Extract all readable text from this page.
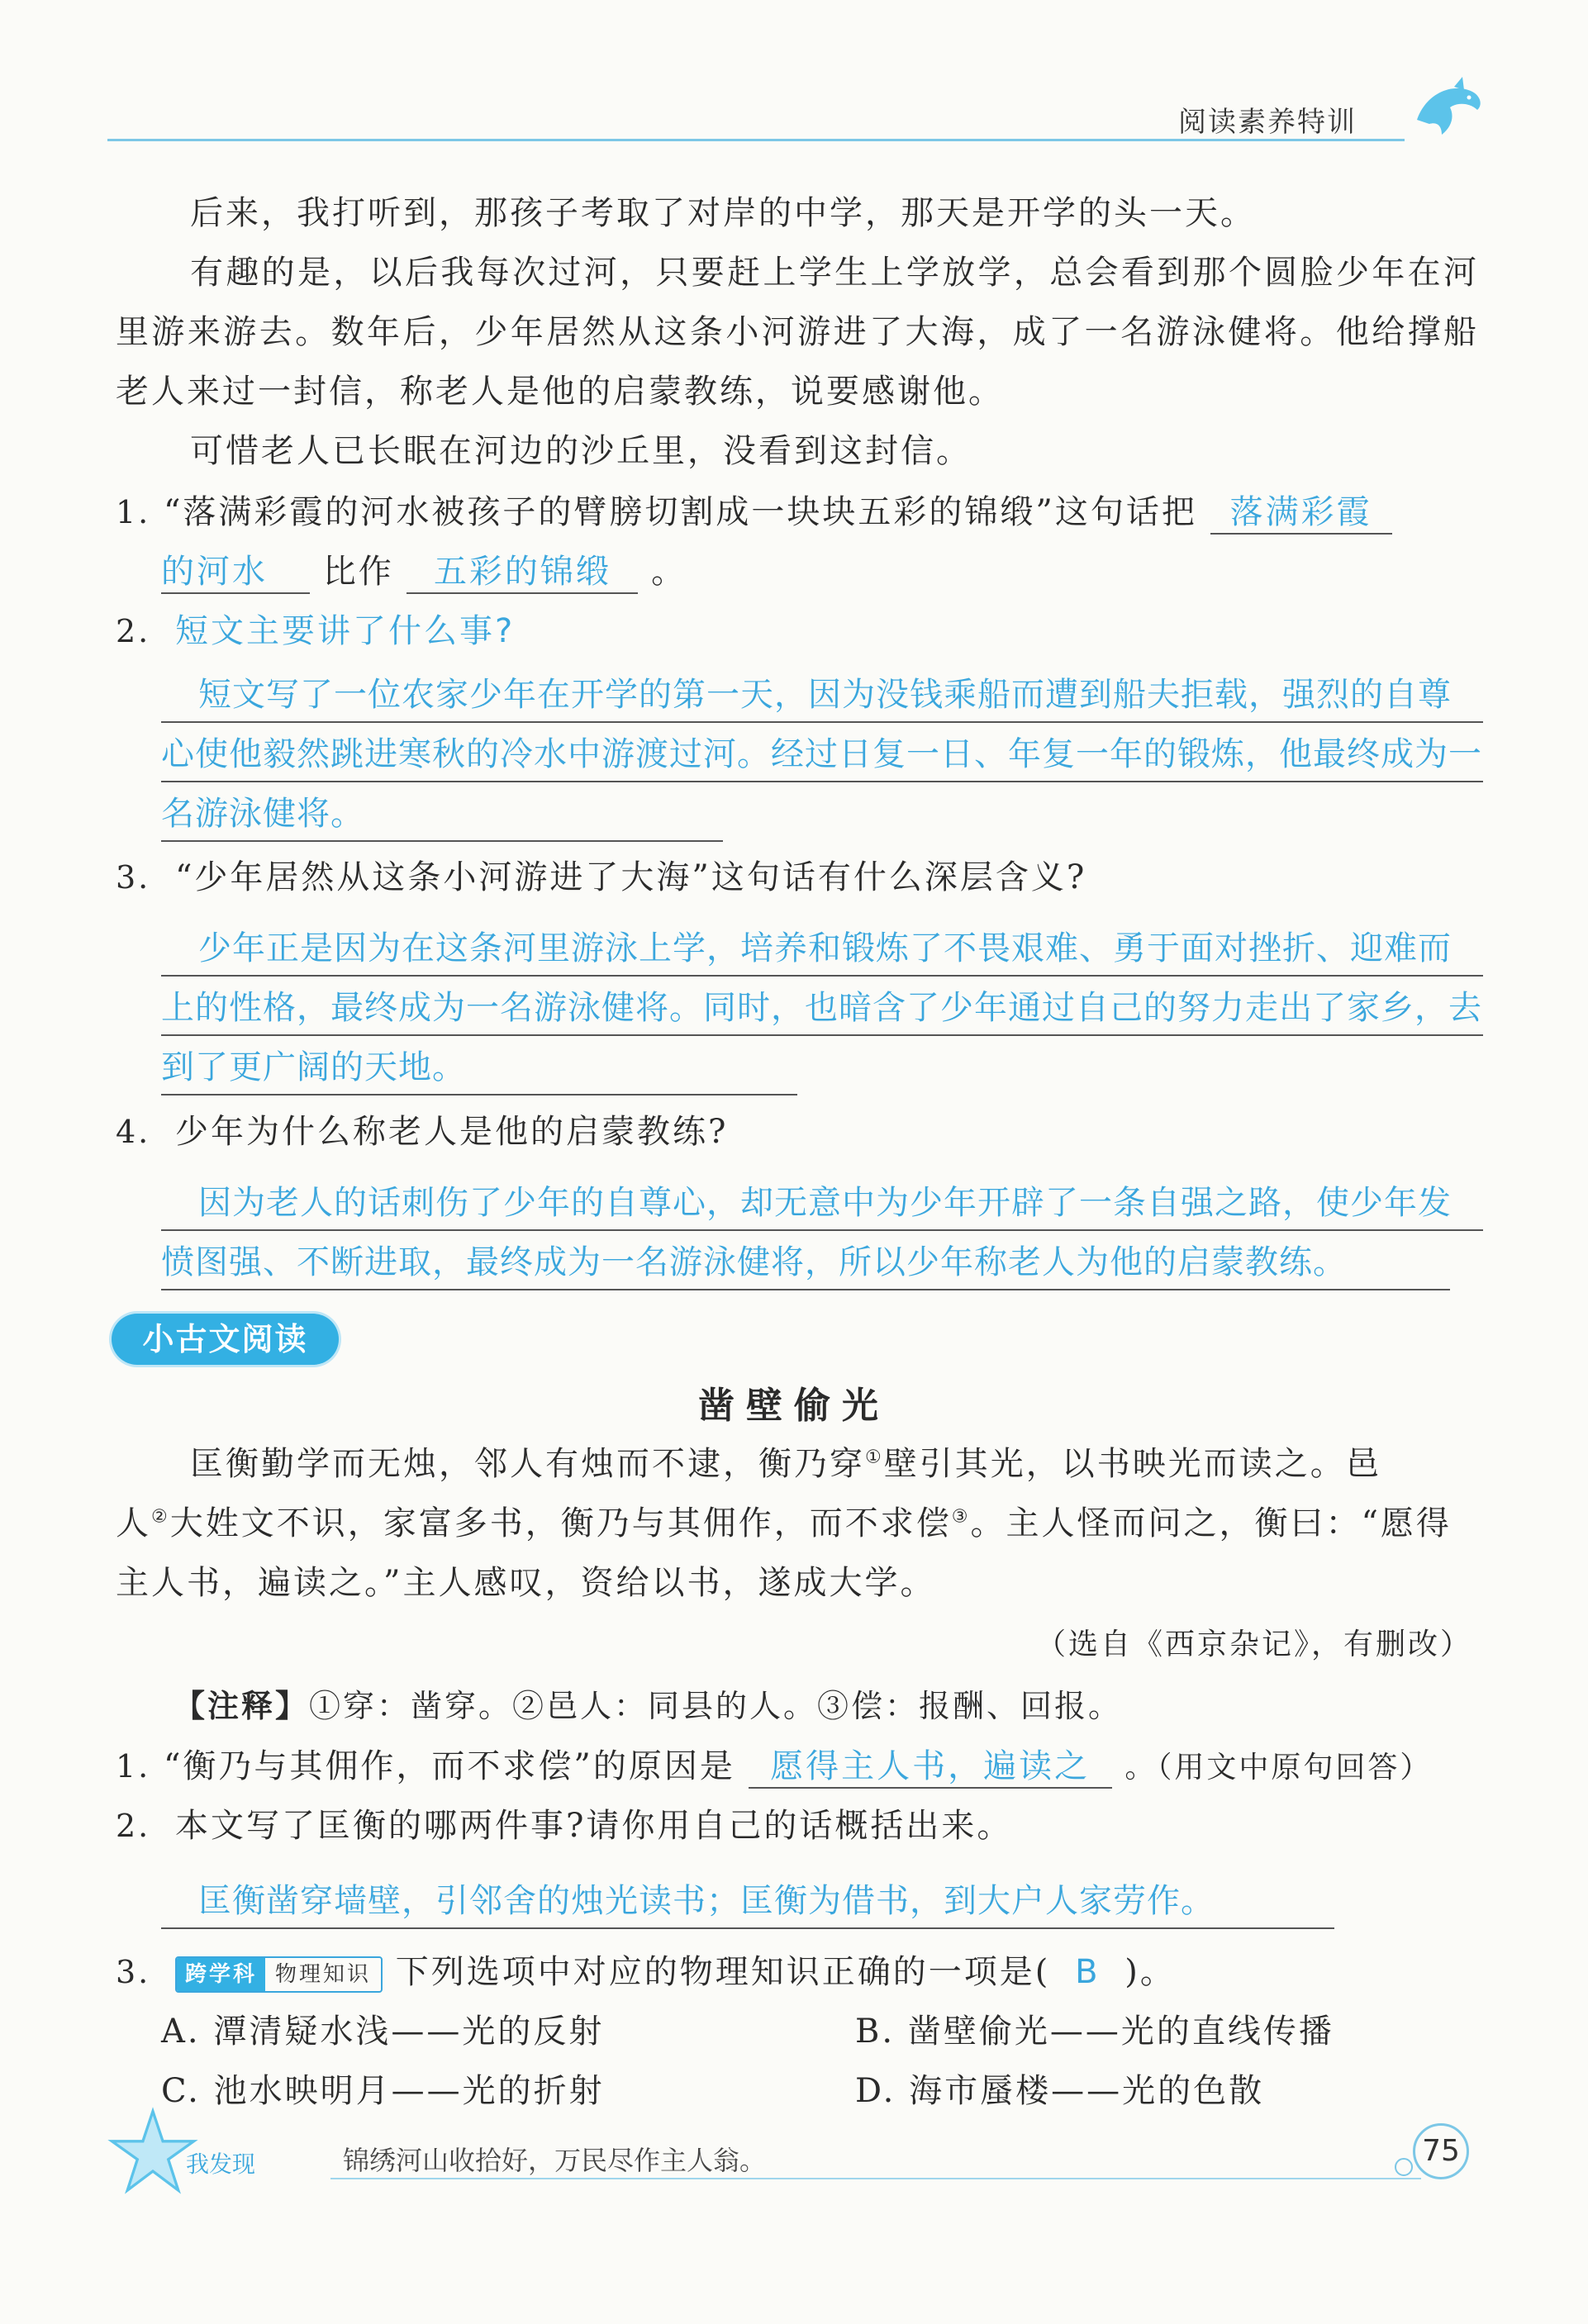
阅读素养特训
后来，我打听到，那孩子考取了对岸的中学，那天是开学的头一天。
有趣的是，以后我每次过河，只要赶上学生上学放学，总会看到那个圆脸少年在河里游来游去。数年后，少年居然从这条小河游进了大海，成了一名游泳健将。他给撑船老人来过一封信，称老人是他的启蒙教练，说要感谢他。
可惜老人已长眠在河边的沙丘里，没看到这封信。
1. “落满彩霞的河水被孩子的臂膀切割成一块块五彩的锦缎”这句话把 落满彩霞
的河水 比作 五彩的锦缎 。
2. 短文主要讲了什么事?
短文写了一位农家少年在开学的第一天，因为没钱乘船而遭到船夫拒载，强烈的自尊心使他毅然跳进寒秋的冷水中游渡过河。经过日复一日、年复一年的锻炼，他最终成为一名游泳健将。
3. “少年居然从这条小河游进了大海”这句话有什么深层含义?
少年正是因为在这条河里游泳上学，培养和锻炼了不畏艰难、勇于面对挫折、迎难而上的性格，最终成为一名游泳健将。同时，也暗含了少年通过自己的努力走出了家乡，去到了更广阔的天地。
4. 少年为什么称老人是他的启蒙教练?
因为老人的话刺伤了少年的自尊心，却无意中为少年开辟了一条自强之路，使少年发愤图强、不断进取，最终成为一名游泳健将，所以少年称老人为他的启蒙教练。
小古文阅读
凿壁偷光
匡衡勤学而无烛，邻人有烛而不逮，衡乃穿①壁引其光，以书映光而读之。邑
人②大姓文不识，家富多书，衡乃与其佣作，而不求偿③。主人怪而问之，衡曰：“愿得
主人书，遍读之。”主人感叹，资给以书，遂成大学。
（选自《西京杂记》，有删改）
【注释】①穿：凿穿。②邑人：同县的人。③偿：报酬、回报。
1. “衡乃与其佣作，而不求偿”的原因是 愿得主人书，遍读之 。（用文中原句回答）
2. 本文写了匡衡的哪两件事?请你用自己的话概括出来。
匡衡凿穿墙壁，引邻舍的烛光读书；匡衡为借书，到大户人家劳作。
3. 跨学科 物理知识 下列选项中对应的物理知识正确的一项是( B )。
A. 潭清疑水浅——光的反射	B. 凿壁偷光——光的直线传播
C. 池水映明月——光的折射	D. 海市蜃楼——光的色散
我发现	锦绣河山收拾好，万民尽作主人翁。	75
